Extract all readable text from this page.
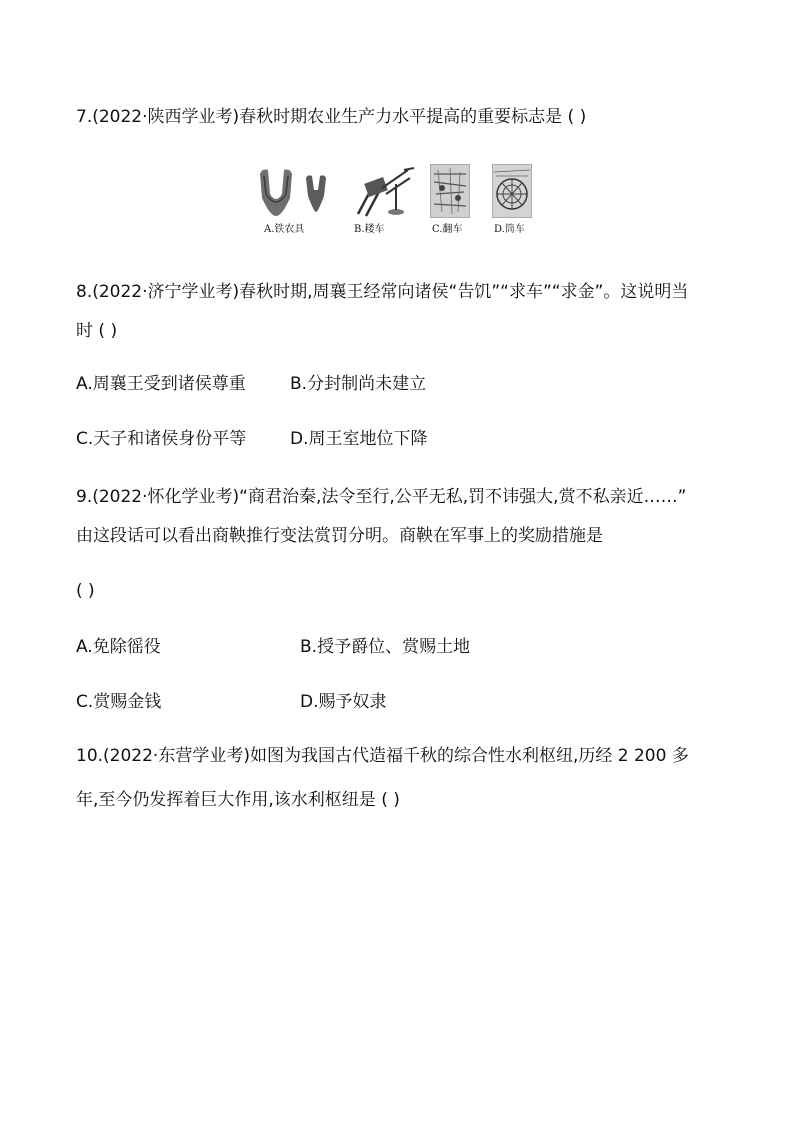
7.(2022·陕西学业考)春秋时期农业生产力水平提高的重要标志是 ( )
A.铁农具	B.耧车	C.翻车	D.筒车
8.(2022·济宁学业考)春秋时期,周襄王经常向诸侯“告饥”“求车”“求金”。这说明当
时 ( )
A.周襄王受到诸侯尊重	B.分封制尚未建立
C.天子和诸侯身份平等	D.周王室地位下降
9.(2022·怀化学业考)“商君治秦,法令至行,公平无私,罚不讳强大,赏不私亲近……”
由这段话可以看出商鞅推行变法赏罚分明。商鞅在军事上的奖励措施是
( )
A.免除徭役	B.授予爵位、赏赐土地
C.赏赐金钱	D.赐予奴隶
10.(2022·东营学业考)如图为我国古代造福千秋的综合性水利枢纽,历经 2 200 多
年,至今仍发挥着巨大作用,该水利枢纽是 ( )
